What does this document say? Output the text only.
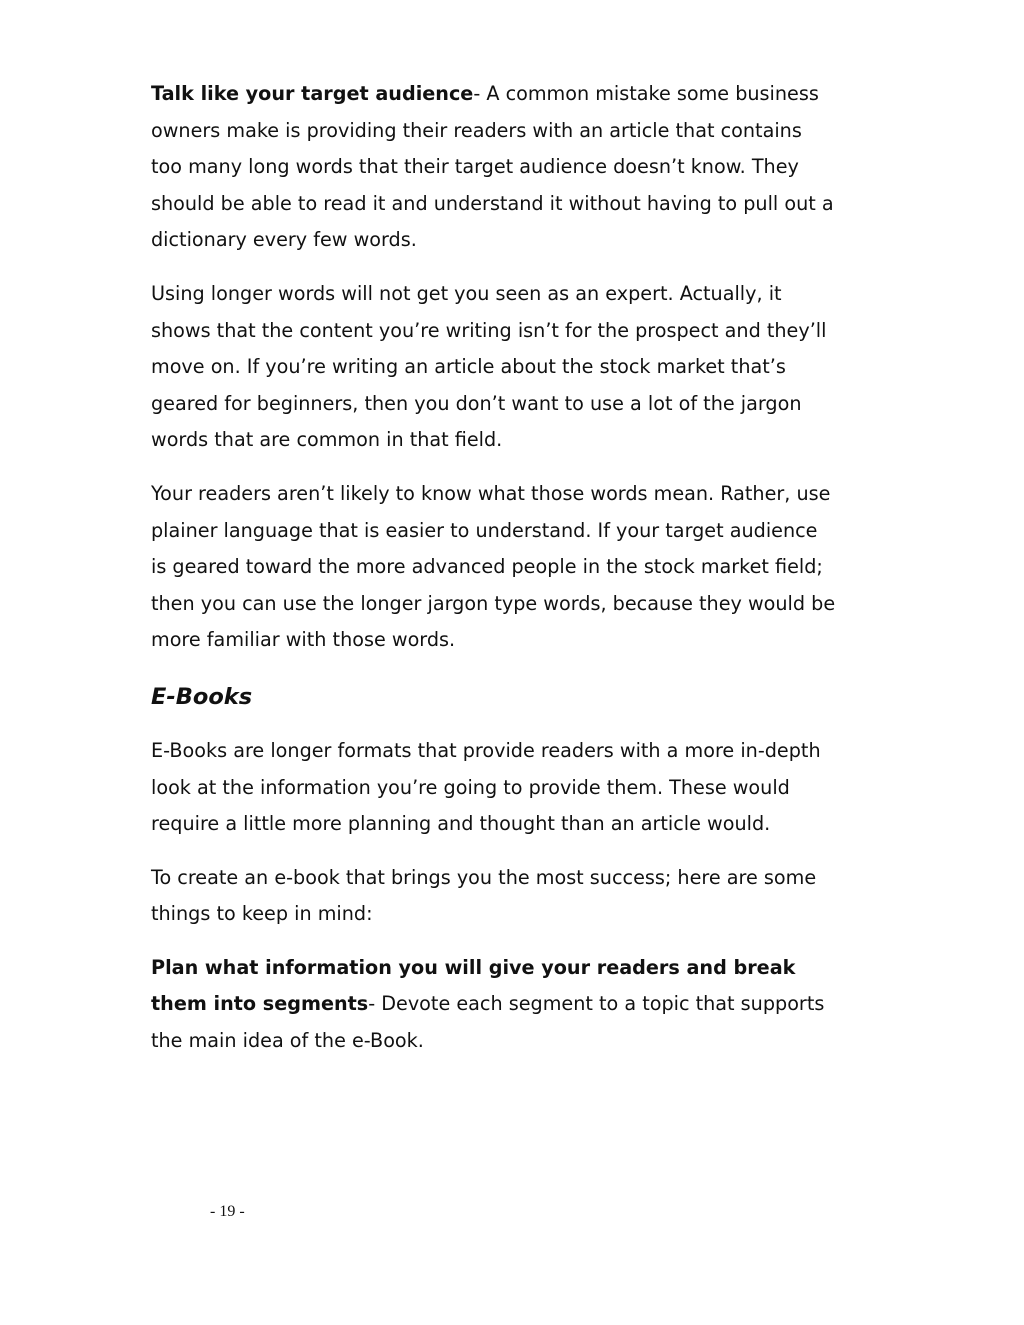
Talk like your target audience- A common mistake some business

owners make is providing their readers with an article that contains

too many long words that their target audience doesn’t know. They

should be able to read it and understand it without having to pull out a

dictionary every few words.

Using longer words will not get you seen as an expert. Actually, it

shows that the content you’re writing isn’t for the prospect and they’ll

move on. If you’re writing an article about the stock market that’s

geared for beginners, then you don’t want to use a lot of the jargon

words that are common in that field.

Your readers aren’t likely to know what those words mean. Rather, use

plainer language that is easier to understand. If your target audience

is geared toward the more advanced people in the stock market field;

then you can use the longer jargon type words, because they would be

more familiar with those words.

E-Books

E-Books are longer formats that provide readers with a more in-depth

look at the information you’re going to provide them. These would

require a little more planning and thought than an article would.

To create an e-book that brings you the most success; here are some

things to keep in mind:

Plan what information you will give your readers and break

them into segments- Devote each segment to a topic that supports

the main idea of the e-Book.

- 19 -
